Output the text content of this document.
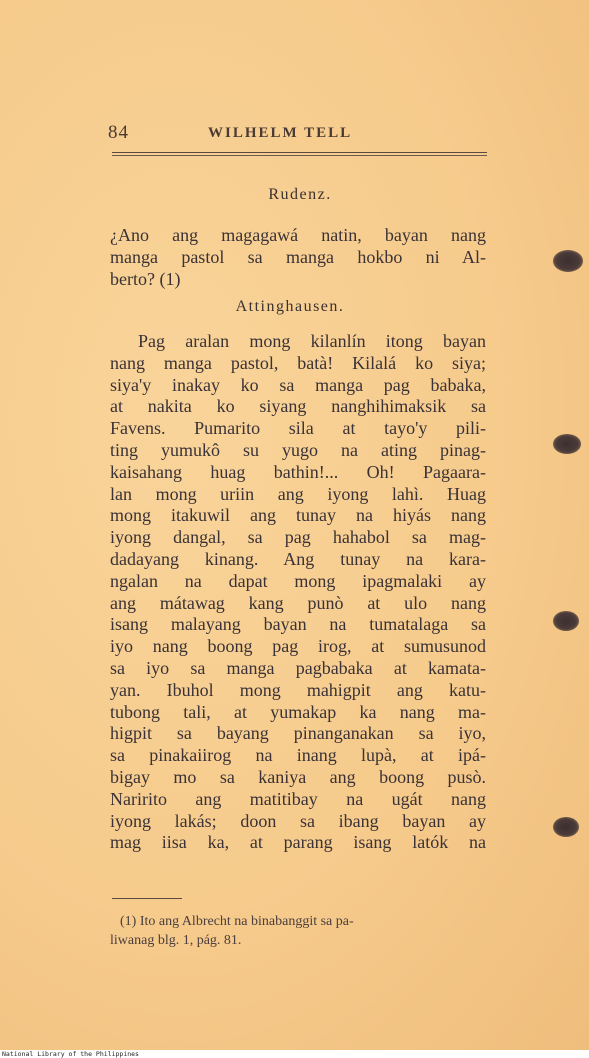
84	WILHELM TELL
Rudenz.
¿Ano ang magagawá natin, bayan nang
manga pastol sa manga hokbo ni Al-
berto? (1)
Attinghausen.
Pag aralan mong kilanlín itong bayan
nang manga pastol, batà! Kilalá ko siya;
siya'y inakay ko sa manga pag babaka,
at nakita ko siyang nanghihimaksik sa
Favens. Pumarito sila at tayo'y pili-
ting yumukô su yugo na ating pinag-
kaisahang huag bathin!... Oh! Pagaara-
lan mong uriin ang iyong lahì. Huag
mong itakuwil ang tunay na hiyás nang
iyong dangal, sa pag hahabol sa mag-
dadayang kinang. Ang tunay na kara-
ngalan na dapat mong ipagmalaki ay
ang mátawag kang punò at ulo nang
isang malayang bayan na tumatalaga sa
iyo nang boong pag irog, at sumusunod
sa iyo sa manga pagbabaka at kamata-
yan. Ibuhol mong mahigpit ang katu-
tubong tali, at yumakap ka nang ma-
higpit sa bayang pinanganakan sa iyo,
sa pinakaiirog na inang lupà, at ipá-
bigay mo sa kaniya ang boong pusò.
Naririto ang matitibay na ugát nang
iyong lakás; doon sa ibang bayan ay
mag iisa ka, at parang isang latók na
(1) Ito ang Albrecht na binabanggit sa pa-
liwanag blg. 1, pág. 81.
National Library of the Philippines
